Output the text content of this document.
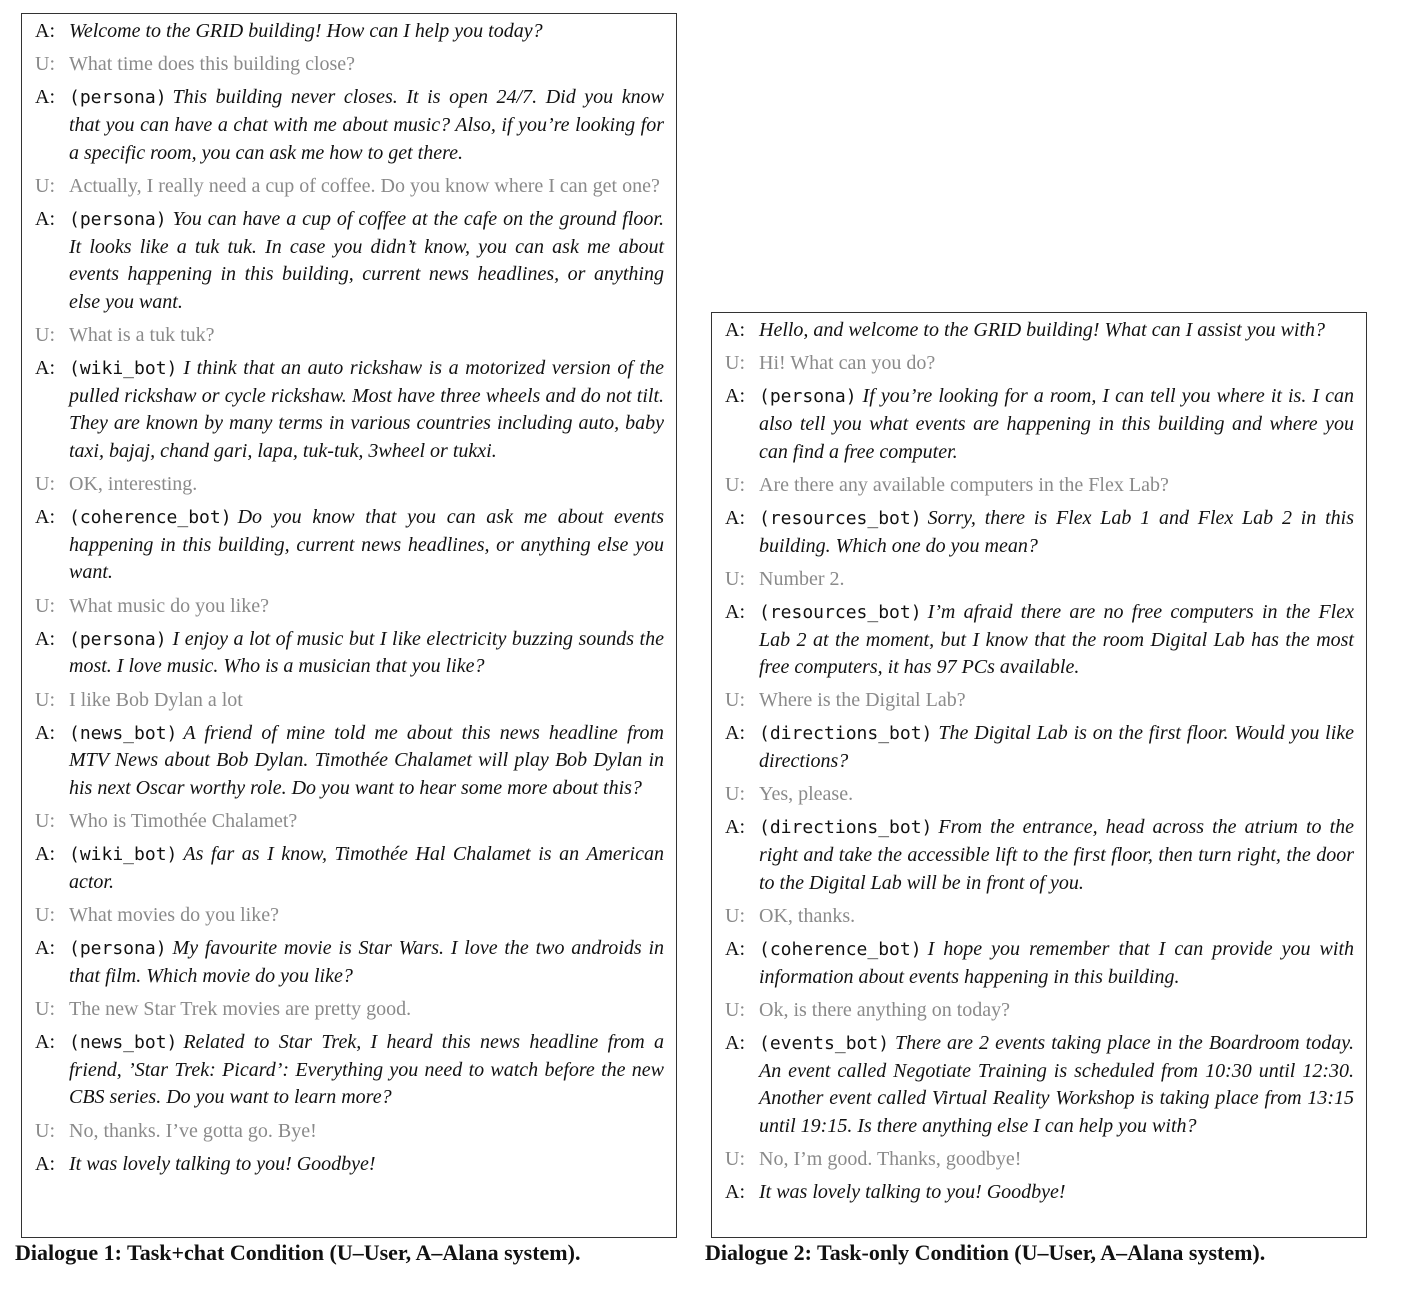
A: Welcome to the GRID building! How can I help you today?
U: What time does this building close?
A: (persona) This building never closes. It is open 24/7. Did you know that you can have a chat with me about music? Also, if you’re looking for a specific room, you can ask me how to get there.
U: Actually, I really need a cup of coffee. Do you know where I can get one?
A: (persona) You can have a cup of coffee at the cafe on the ground floor. It looks like a tuk tuk. In case you didn’t know, you can ask me about events happening in this building, current news headlines, or anything else you want.
U: What is a tuk tuk?
A: (wiki_bot) I think that an auto rickshaw is a motorized version of the pulled rickshaw or cycle rickshaw. Most have three wheels and do not tilt. They are known by many terms in various countries including auto, baby taxi, bajaj, chand gari, lapa, tuk-tuk, 3wheel or tukxi.
U: OK, interesting.
A: (coherence_bot) Do you know that you can ask me about events happening in this building, current news headlines, or anything else you want.
U: What music do you like?
A: (persona) I enjoy a lot of music but I like electricity buzzing sounds the most. I love music. Who is a musician that you like?
U: I like Bob Dylan a lot
A: (news_bot) A friend of mine told me about this news headline from MTV News about Bob Dylan. Timothée Chalamet will play Bob Dylan in his next Oscar worthy role. Do you want to hear some more about this?
U: Who is Timothée Chalamet?
A: (wiki_bot) As far as I know, Timothée Hal Chalamet is an American actor.
U: What movies do you like?
A: (persona) My favourite movie is Star Wars. I love the two androids in that film. Which movie do you like?
U: The new Star Trek movies are pretty good.
A: (news_bot) Related to Star Trek, I heard this news headline from a friend, ’Star Trek: Picard’: Everything you need to watch before the new CBS series. Do you want to learn more?
U: No, thanks. I’ve gotta go. Bye!
A: It was lovely talking to you! Goodbye!
Dialogue 1: Task+chat Condition (U–User, A–Alana system).
A: Hello, and welcome to the GRID building! What can I assist you with?
U: Hi! What can you do?
A: (persona) If you’re looking for a room, I can tell you where it is. I can also tell you what events are happening in this building and where you can find a free computer.
U: Are there any available computers in the Flex Lab?
A: (resources_bot) Sorry, there is Flex Lab 1 and Flex Lab 2 in this building. Which one do you mean?
U: Number 2.
A: (resources_bot) I’m afraid there are no free computers in the Flex Lab 2 at the moment, but I know that the room Digital Lab has the most free computers, it has 97 PCs available.
U: Where is the Digital Lab?
A: (directions_bot) The Digital Lab is on the first floor. Would you like directions?
U: Yes, please.
A: (directions_bot) From the entrance, head across the atrium to the right and take the accessible lift to the first floor, then turn right, the door to the Digital Lab will be in front of you.
U: OK, thanks.
A: (coherence_bot) I hope you remember that I can provide you with information about events happening in this building.
U: Ok, is there anything on today?
A: (events_bot) There are 2 events taking place in the Boardroom today. An event called Negotiate Training is scheduled from 10:30 until 12:30. Another event called Virtual Reality Workshop is taking place from 13:15 until 19:15. Is there anything else I can help you with?
U: No, I’m good. Thanks, goodbye!
A: It was lovely talking to you! Goodbye!
Dialogue 2: Task-only Condition (U–User, A–Alana system).
